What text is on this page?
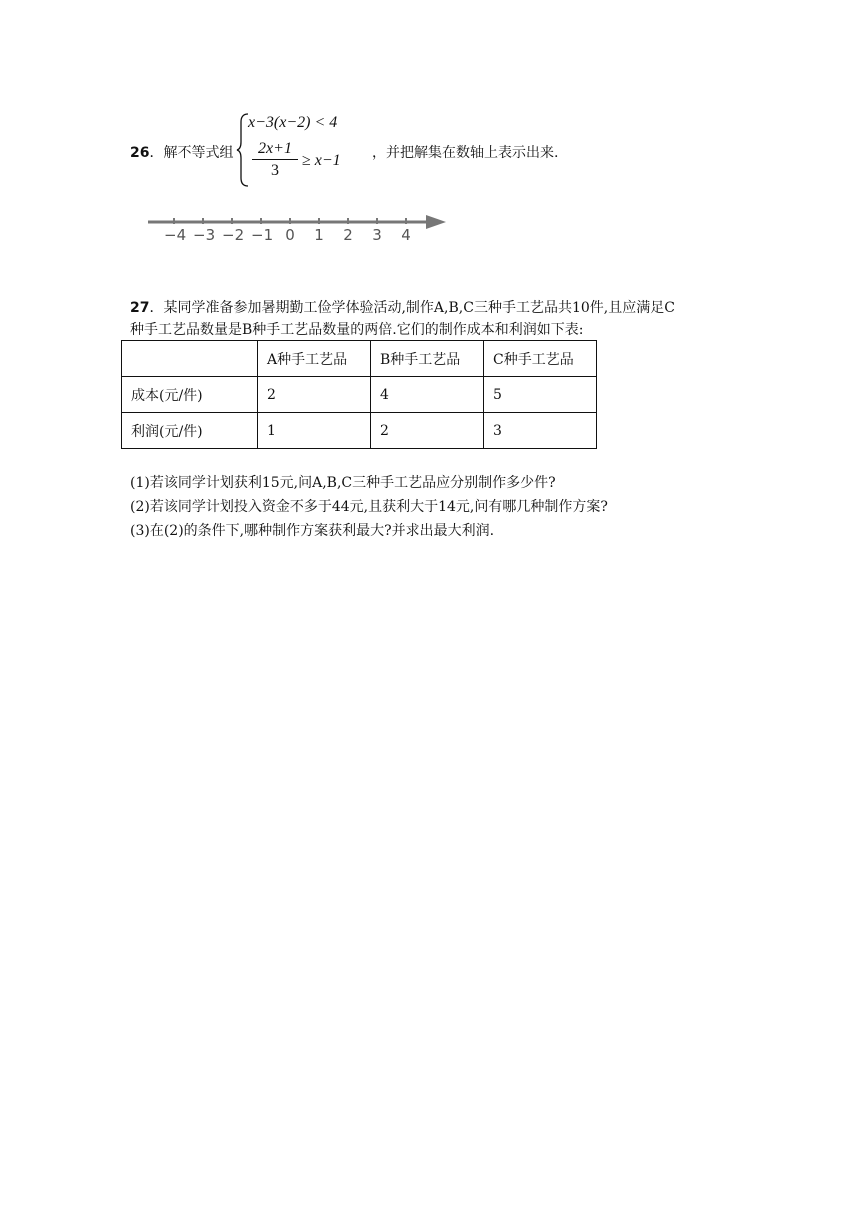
26．解不等式组
x−3(x−2) < 4
$\frac{2x+1}{3} \ge x-1$ ，并把解集在数轴上表示出来.
−4 −3 −2 −1 0	1	2	3	4
27．某同学准备参加暑期勤工俭学体验活动,制作A,B,C三种手工艺品共10件,且应满足C
种手工艺品数量是B种手工艺品数量的两倍.它们的制作成本和利润如下表:
	A种手工艺品	B种手工艺品	C种手工艺品
成本(元/件)	2	4	5
利润(元/件)	1	2	3
(1)若该同学计划获利15元,问A,B,C三种手工艺品应分别制作多少件?
(2)若该同学计划投入资金不多于44元,且获利大于14元,问有哪几种制作方案?
(3)在(2)的条件下,哪种制作方案获利最大?并求出最大利润.
